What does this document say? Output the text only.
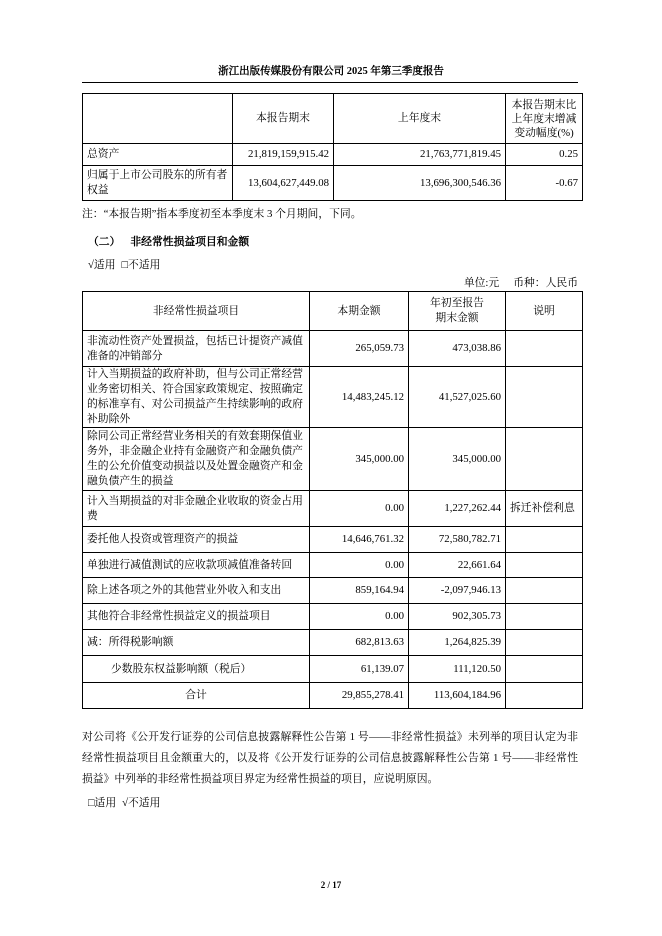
浙江出版传媒股份有限公司 2025 年第三季度报告
	本报告期末	上年度末	本报告期末比上年度末增减变动幅度(%)
总资产	21,819,159,915.42	21,763,771,819.45	0.25
归属于上市公司股东的所有者权益	13,604,627,449.08	13,696,300,546.36	-0.67
注：“本报告期”指本季度初至本季度末 3 个月期间，下同。
（二） 非经常性损益项目和金额
√适用 □不适用
单位:元 币种：人民币
非经常性损益项目	本期金额	年初至报告期末金额	说明
非流动性资产处置损益，包括已计提资产减值准备的冲销部分	265,059.73	473,038.86	
计入当期损益的政府补助，但与公司正常经营业务密切相关、符合国家政策规定、按照确定的标准享有、对公司损益产生持续影响的政府补助除外	14,483,245.12	41,527,025.60	
除同公司正常经营业务相关的有效套期保值业务外，非金融企业持有金融资产和金融负债产生的公允价值变动损益以及处置金融资产和金融负债产生的损益	345,000.00	345,000.00	
计入当期损益的对非金融企业收取的资金占用费	0.00	1,227,262.44	拆迁补偿利息
委托他人投资或管理资产的损益	14,646,761.32	72,580,782.71	
单独进行减值测试的应收款项减值准备转回	0.00	22,661.64	
除上述各项之外的其他营业外收入和支出	859,164.94	-2,097,946.13	
其他符合非经常性损益定义的损益项目	0.00	902,305.73	
减：所得税影响额	682,813.63	1,264,825.39	
少数股东权益影响额（税后）	61,139.07	111,120.50	
合计	29,855,278.41	113,604,184.96	

对公司将《公开发行证券的公司信息披露解释性公告第 1 号——非经常性损益》未列举的项目认定为非经常性损益项目且金额重大的，以及将《公开发行证券的公司信息披露解释性公告第 1 号——非经常性损益》中列举的非经常性损益项目界定为经常性损益的项目，应说明原因。

□适用 √不适用
2 / 17
